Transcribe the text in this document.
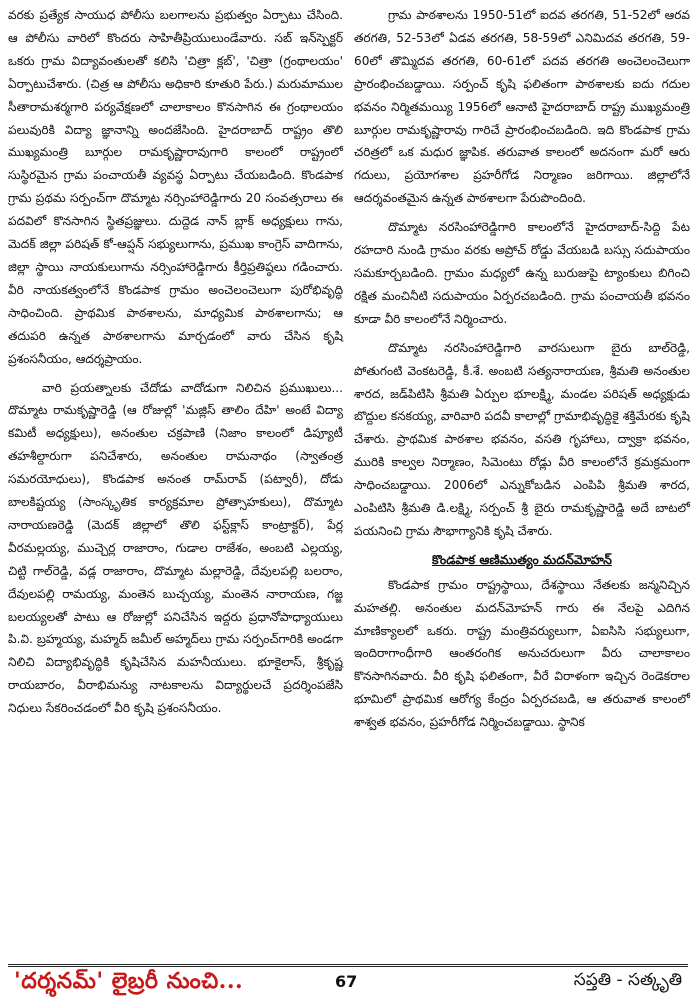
వరకు ప్రత్యేక సాయుధ పోలీసు బలగాలను ప్రభుత్వం ఏర్పాటు చేసింది. ఆ పోలీసు వారిలో కొందరు సాహితీప్రియులుండేవారు. సబ్ ఇన్‌స్పెక్టర్ ఒకరు గ్రామ విద్యావంతులతో కలిసి 'చిత్రా క్లబ్', 'చిత్రా (గ్రంథాలయం' ఏర్పాటుచేశారు. (చిత్ర ఆ పోలీసు అధికారి కూతురి పేరు.) మరుమాముల సీతారామశర్మగారి పర్యవేక్షణలో చాలాకాలం కొనసాగిన ఈ గ్రంథాలయం పలువురికి విద్యా జ్ఞానాన్ని అందజేసింది. హైదరాబాద్ రాష్ట్రం తొలి ముఖ్యమంత్రి బూర్గుల రామకృష్ణారావుగారి కాలంలో రాష్ట్రంలో సుస్థిరమైన గ్రామ పంచాయతీ వ్యవస్థ ఏర్పాటు చేయబడింది. కొండపాక గ్రామ ప్రథమ సర్పంచ్‌గా దొమ్మాట నర్సింహారెడ్డిగారు 20 సంవత్సరాలు ఈ పదవిలో కొనసాగిన స్థితప్రజ్ఞులు. దుద్దెడ నాన్ బ్లాక్ అధ్యక్షులు గాను, మెదక్ జిల్లా పరిషత్ కో-ఆప్షన్ సభ్యులుగాను, ప్రముఖ కాంగ్రెస్ వాదిగాను, జిల్లా స్థాయి నాయకులుగాను నర్సింహారెడ్డిగారు కీర్తిప్రతిష్ఠలు గడించారు. వీరి నాయకత్వంలోనే కొండపాక గ్రామం అంచెలంచెలుగా పురోభివృద్ధి సాధించింది. ప్రాథమిక పాఠశాలను, మాధ్యమిక పాఠశాలగాను; ఆ తదుపరి ఉన్నత పాఠశాలగాను మార్చడంలో వారు చేసిన కృషి ప్రశంసనీయం, ఆదర్శప్రాయం.

వారి ప్రయత్నాలకు చేదోడు వాదోడుగా నిలిచిన ప్రముఖులు... దొమ్మాట రామకృష్ణారెడ్డి (ఆ రోజుల్లో 'మజ్లిస్ తాలిం దేహి' అంటే విద్యా కమిటీ అధ్యక్షులు), అనంతుల చక్రపాణి (నిజాం కాలంలో డిప్యూటీ తహశీల్దారుగా పనిచేశారు, అనంతుల రామనాథం (స్వాతంత్ర సమరయోధులు), కొండపాక అనంత రామ్‌రావ్ (పట్వారీ), దోడు బాలకిష్టయ్య (సాంస్కృతిక కార్యక్రమాల ప్రోత్సాహకులు), దొమ్మాట నారాయణరెడ్డి (మెదక్ జిల్లాలో తొలి ఫస్ట్‌క్లాస్ కాంట్రాక్టర్), పేర్ల వీరమల్లయ్య, ముచ్చెర్ల రాజారాం, గుడాల రాజేశం, అంబటి ఎల్లయ్య, చిట్టి గాల్‌రెడ్డి, వడ్ల రాజారాం, దొమ్మాట మల్లారెడ్డి, దేవులపల్లి బలరాం, దేవులపల్లి రామయ్య, మంతెన బుచ్చయ్య, మంతెన నారాయణ, గజ్జ బలయ్యలతో పాటు ఆ రోజుల్లో పనిచేసిన ఇద్దరు ప్రధానోపాధ్యాయులు పి.వి. బ్రహ్మయ్య, మహ్మద్ జమీల్ అహ్మద్‌లు గ్రామ సర్పంచ్‌గారికి అండగా నిలిచి విద్యాభివృద్ధికి కృషిచేసిన మహనీయులు. భూకైలాస్, శ్రీకృష్ణ రాయబారం, వీరాభిమన్యు నాటకాలను విద్యార్థులచే ప్రదర్శింపజేసి నిధులు సేకరించడంలో వీరి కృషి ప్రశంసనీయం.

గ్రామ పాఠశాలను 1950-51లో ఐదవ తరగతి, 51-52లో ఆరవ తరగతి, 52-53లో ఏడవ తరగతి, 58-59లో ఎనిమిదవ తరగతి, 59-60లో తొమ్మిదవ తరగతి, 60-61లో పదవ తరగతి అంచెలంచెలుగా ప్రారంభించబడ్డాయి. సర్పంచ్ కృషి ఫలితంగా పాఠశాలకు ఐదు గదుల భవనం నిర్మితమయ్యి 1956లో ఆనాటి హైదరాబాద్ రాష్ట్ర ముఖ్యమంత్రి బూర్గుల రామకృష్ణారావు గారిచే ప్రారంభించబడింది. ఇది కొండపాక గ్రామ చరిత్రలో ఒక మధుర జ్ఞాపిక. తరువాత కాలంలో అదనంగా మరో ఆరు గదులు, ప్రయోగశాల ప్రహరీగోడ నిర్మాణం జరిగాయి. జిల్లాలోనే ఆదర్శవంతమైన ఉన్నత పాఠశాలగా పేరుపొందింది.

దొమ్మాట నరసింహారెడ్డిగారి కాలంలోనే హైదరాబాద్-సిద్ది పేట రహదారి నుండి గ్రామం వరకు అప్రోచ్ రోడ్డు వేయబడి బస్సు సదుపాయం సమకూర్చబడింది. గ్రామం మధ్యలో ఉన్న బురుజుపై ట్యాంకులు బిగించి రక్షిత మంచినీటి సదుపాయం ఏర్పరచబడింది. గ్రామ పంచాయతీ భవనం కూడా వీరి కాలంలోనే నిర్మించారు.

దొమ్మాట నరసింహారెడ్డిగారి వారసులుగా బైరు బాల్‌రెడ్డి, పోతుగంటి వెంకటరెడ్డి, కీ.శే. అంబటి సత్యనారాయణ, శ్రీమతి అనంతుల శారద, జడ్‌పిటిసి శ్రీమతి ఏర్పుల భూలక్ష్మి, మండల పరిషత్ అధ్యక్షుడు బొద్దుల కనకయ్య, వారివారి పదవీ కాలాల్లో గ్రామాభివృద్ధికై శక్తిమేరకు కృషి చేశారు. ప్రాథమిక పాఠశాల భవనం, వసతి గృహాలు, ద్వాక్రా భవనం, మురికి కాల్వల నిర్మాణం, సిమెంటు రోడ్లు వీరి కాలంలోనే క్రమక్రమంగా సాధించబడ్డాయి. 2006లో ఎన్నుకోబడిన ఎంపిపి శ్రీమతి శారద, ఎంపిటిసి శ్రీమతి డి.లక్ష్మి, సర్పంచ్ శ్రీ బైరు రామకృష్ణారెడ్డి అదే బాటలో పయనించి గ్రామ సౌభాగ్యానికి కృషి చేశారు.

కొండపాక ఆణిముత్యం మదన్‌మోహన్

కొండపాక గ్రామం రాష్ట్రస్థాయి, దేశస్థాయి నేతలకు జన్మనిచ్చిన మహతల్లి. అనంతుల మదన్‌మోహన్ గారు ఈ నేలపై ఎదిగిన మాణిక్యాలలో ఒకరు. రాష్ట్ర మంత్రివర్యులుగా, ఏఐసిసి సభ్యులుగా, ఇందిరాగాంధీగారి ఆంతరంగిక అనుచరులుగా వీరు చాలాకాలం కొనసాగినవారు. వీరి కృషి ఫలితంగా, వీరే విరాళంగా ఇచ్చిన రెండెకరాల భూమిలో ప్రాథమిక ఆరోగ్య కేంద్రం ఏర్పరచబడి, ఆ తరువాత కాలంలో శాశ్వత భవనం, ప్రహరీగోడ నిర్మించబడ్డాయి. స్థానిక

'దర్శనమ్' లైబ్రరీ నుంచి...	67	సప్తతి - సత్కృతి
